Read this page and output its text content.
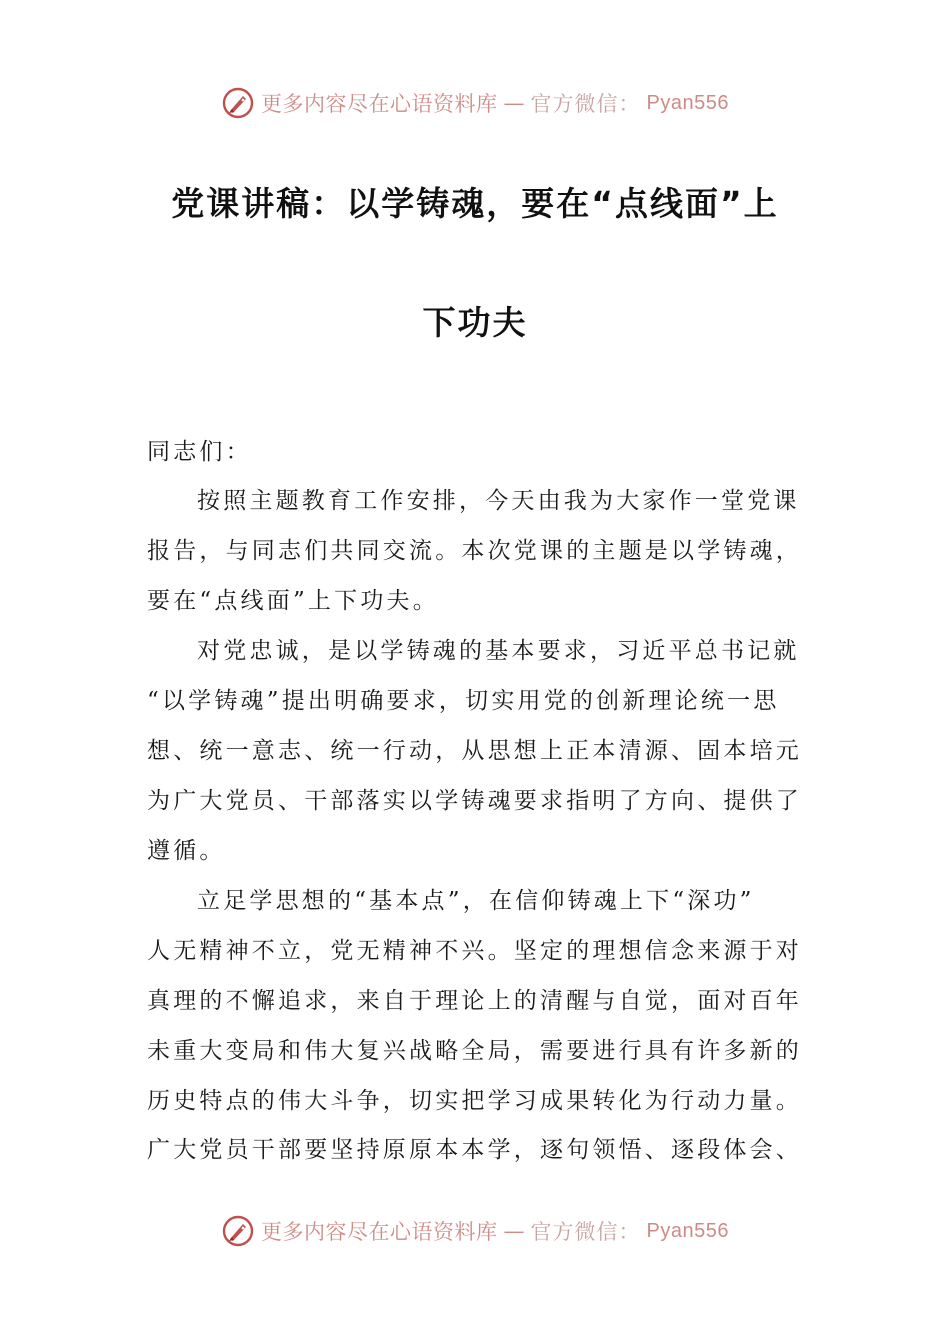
更多内容尽在心语资料库 — 官方微信： Pyan556
党课讲稿：以学铸魂，要在“点线面”上
下功夫
同志们：
按照主题教育工作安排，今天由我为大家作一堂党课
报告，与同志们共同交流。本次党课的主题是以学铸魂，
要在“点线面”上下功夫。
对党忠诚，是以学铸魂的基本要求，习近平总书记就
“以学铸魂”提出明确要求，切实用党的创新理论统一思
想、统一意志、统一行动，从思想上正本清源、固本培元
为广大党员、干部落实以学铸魂要求指明了方向、提供了
遵循。
立足学思想的“基本点”，在信仰铸魂上下“深功”
人无精神不立，党无精神不兴。坚定的理想信念来源于对
真理的不懈追求，来自于理论上的清醒与自觉，面对百年
未重大变局和伟大复兴战略全局，需要进行具有许多新的
历史特点的伟大斗争，切实把学习成果转化为行动力量。
广大党员干部要坚持原原本本学，逐句领悟、逐段体会、
更多内容尽在心语资料库 — 官方微信： Pyan556
